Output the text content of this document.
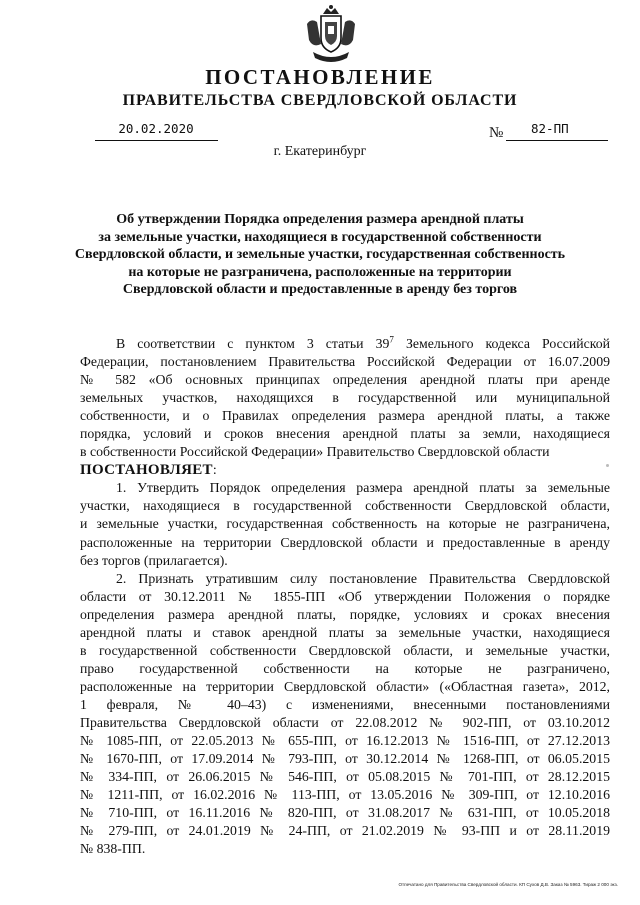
ПОСТАНОВЛЕНИЕ
ПРАВИТЕЛЬСТВА СВЕРДЛОВСКОЙ ОБЛАСТИ
20.02.2020	№	82-ПП
г. Екатеринбург
Об утверждении Порядка определения размера арендной платы
за земельные участки, находящиеся в государственной собственности
Свердловской области, и земельные участки, государственная собственность
на которые не разграничена, расположенные на территории
Свердловской области и предоставленные в аренду без торгов
В соответствии с пунктом 3 статьи $39^7$ Земельного кодекса Российской
Федерации, постановлением Правительства Российской Федерации от 16.07.2009
№ 582 «Об основных принципах определения арендной платы при аренде
земельных участков, находящихся в государственной или муниципальной
собственности, и о Правилах определения размера арендной платы, а также
порядка, условий и сроков внесения арендной платы за земли, находящиеся
в собственности Российской Федерации» Правительство Свердловской области
ПОСТАНОВЛЯЕТ:
1. Утвердить Порядок определения размера арендной платы за земельные
участки, находящиеся в государственной собственности Свердловской области,
и земельные участки, государственная собственность на которые не разграничена,
расположенные на территории Свердловской области и предоставленные в аренду
без торгов (прилагается).
2. Признать утратившим силу постановление Правительства Свердловской
области от 30.12.2011 № 1855-ПП «Об утверждении Положения о порядке
определения размера арендной платы, порядке, условиях и сроках внесения
арендной платы и ставок арендной платы за земельные участки, находящиеся
в государственной собственности Свердловской области, и земельные участки,
право государственной собственности на которые не разграничено,
расположенные на территории Свердловской области» («Областная газета», 2012,
1 февраля, № 40–43) с изменениями, внесенными постановлениями
Правительства Свердловской области от 22.08.2012 № 902-ПП, от 03.10.2012
№ 1085-ПП, от 22.05.2013 № 655-ПП, от 16.12.2013 № 1516-ПП, от 27.12.2013
№ 1670-ПП, от 17.09.2014 № 793-ПП, от 30.12.2014 № 1268-ПП, от 06.05.2015
№ 334-ПП, от 26.06.2015 № 546-ПП, от 05.08.2015 № 701-ПП, от 28.12.2015
№ 1211-ПП, от 16.02.2016 № 113-ПП, от 13.05.2016 № 309-ПП, от 12.10.2016
№ 710-ПП, от 16.11.2016 № 820-ПП, от 31.08.2017 № 631-ПП, от 10.05.2018
№ 279-ПП, от 24.01.2019 № 24-ПП, от 21.02.2019 № 93-ПП и от 28.11.2019
№ 838-ПП.
Отпечатано для Правительства Свердловской области. КП Сухов Д.В. Заказ № 5963. Тираж 2 000 экз.
